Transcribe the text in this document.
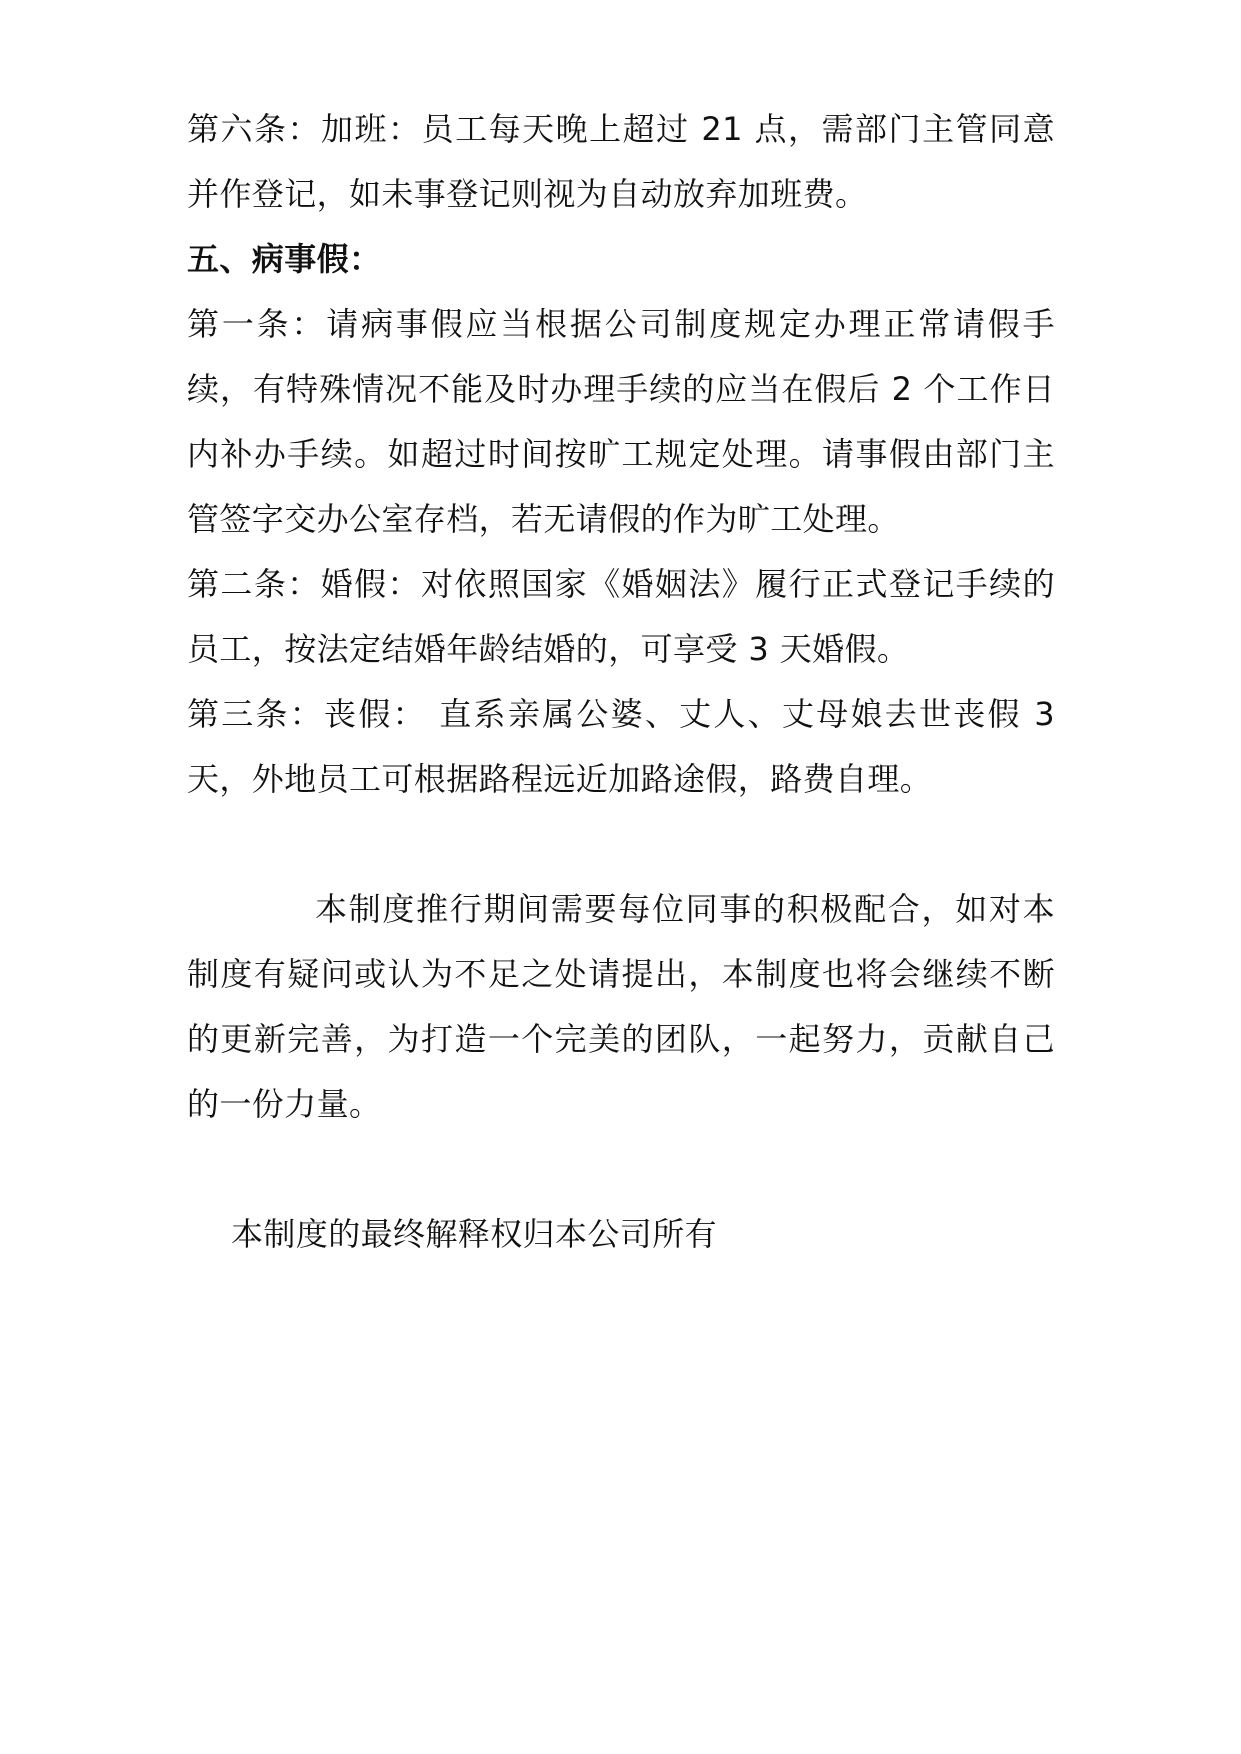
第六条：加班：员工每天晚上超过 21 点，需部门主管同意并作登记，如未事登记则视为自动放弃加班费。

五、病事假：

第一条：请病事假应当根据公司制度规定办理正常请假手续，有特殊情况不能及时办理手续的应当在假后 2 个工作日内补办手续。如超过时间按旷工规定处理。请事假由部门主管签字交办公室存档，若无请假的作为旷工处理。

第二条：婚假：对依照国家《婚姻法》履行正式登记手续的员工，按法定结婚年龄结婚的，可享受 3 天婚假。

第三条：丧假： 直系亲属公婆、丈人、丈母娘去世丧假 3 天，外地员工可根据路程远近加路途假，路费自理。

本制度推行期间需要每位同事的积极配合，如对本制度有疑问或认为不足之处请提出，本制度也将会继续不断的更新完善，为打造一个完美的团队，一起努力，贡献自己的一份力量。

本制度的最终解释权归本公司所有
